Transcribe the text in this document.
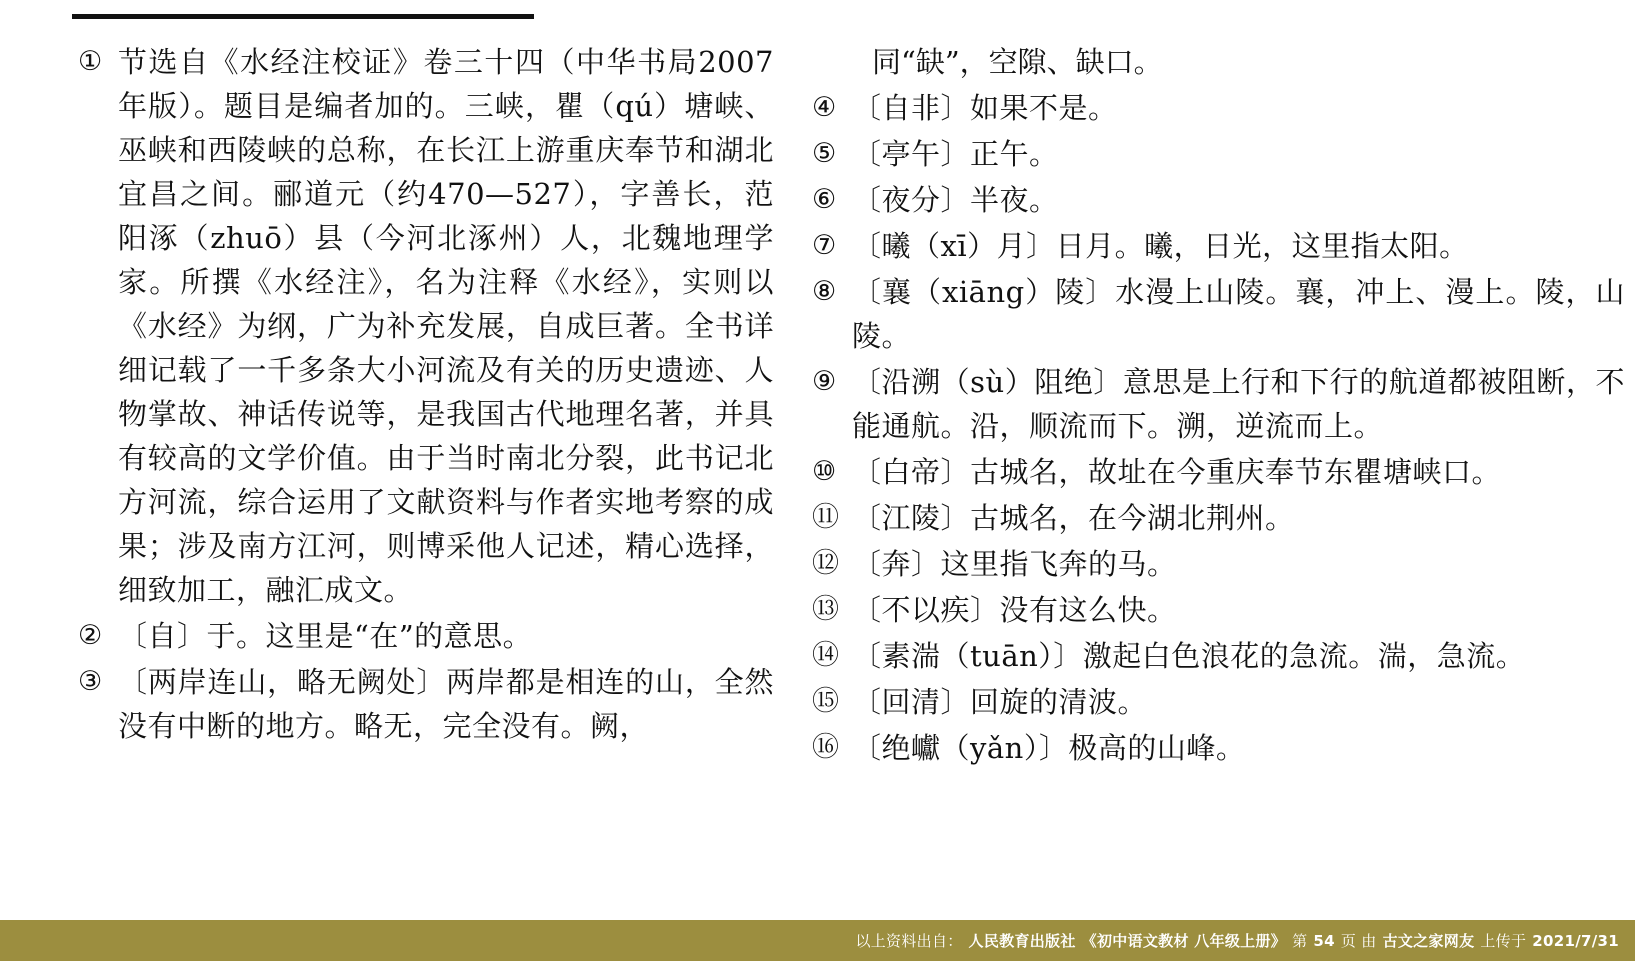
① 节选自《水经注校证》卷三十四（中华书局2007年版）。题目是编者加的。三峡，瞿（qú）塘峡、巫峡和西陵峡的总称，在长江上游重庆奉节和湖北宜昌之间。郦道元（约470—527），字善长，范阳涿（zhuō）县（今河北涿州）人，北魏地理学家。所撰《水经注》，名为注释《水经》，实则以《水经》为纲，广为补充发展，自成巨著。全书详细记载了一千多条大小河流及有关的历史遗迹、人物掌故、神话传说等，是我国古代地理名著，并具有较高的文学价值。由于当时南北分裂，此书记北方河流，综合运用了文献资料与作者实地考察的成果；涉及南方江河，则博采他人记述，精心选择，细致加工，融汇成文。
② 〔自〕于。这里是“在”的意思。
③ 〔两岸连山，略无阙处〕两岸都是相连的山，全然没有中断的地方。略无，完全没有。阙，
同“缺”，空隙、缺口。
④ 〔自非〕如果不是。
⑤ 〔亭午〕正午。
⑥ 〔夜分〕半夜。
⑦ 〔曦（xī）月〕日月。曦，日光，这里指太阳。
⑧ 〔襄（xiāng）陵〕水漫上山陵。襄，冲上、漫上。陵，山陵。
⑨ 〔沿溯（sù）阻绝〕意思是上行和下行的航道都被阻断，不能通航。沿，顺流而下。溯，逆流而上。
⑩ 〔白帝〕古城名，故址在今重庆奉节东瞿塘峡口。
⑪ 〔江陵〕古城名，在今湖北荆州。
⑫ 〔奔〕这里指飞奔的马。
⑬ 〔不以疾〕没有这么快。
⑭ 〔素湍（tuān）〕激起白色浪花的急流。湍，急流。
⑮ 〔回清〕回旋的清波。
⑯ 〔绝巘（yǎn）〕极高的山峰。

以上资料出自： 人民教育出版社 《初中语文教材 八年级上册》 第 54 页 由 古文之家网友 上传于 2021/7/31
